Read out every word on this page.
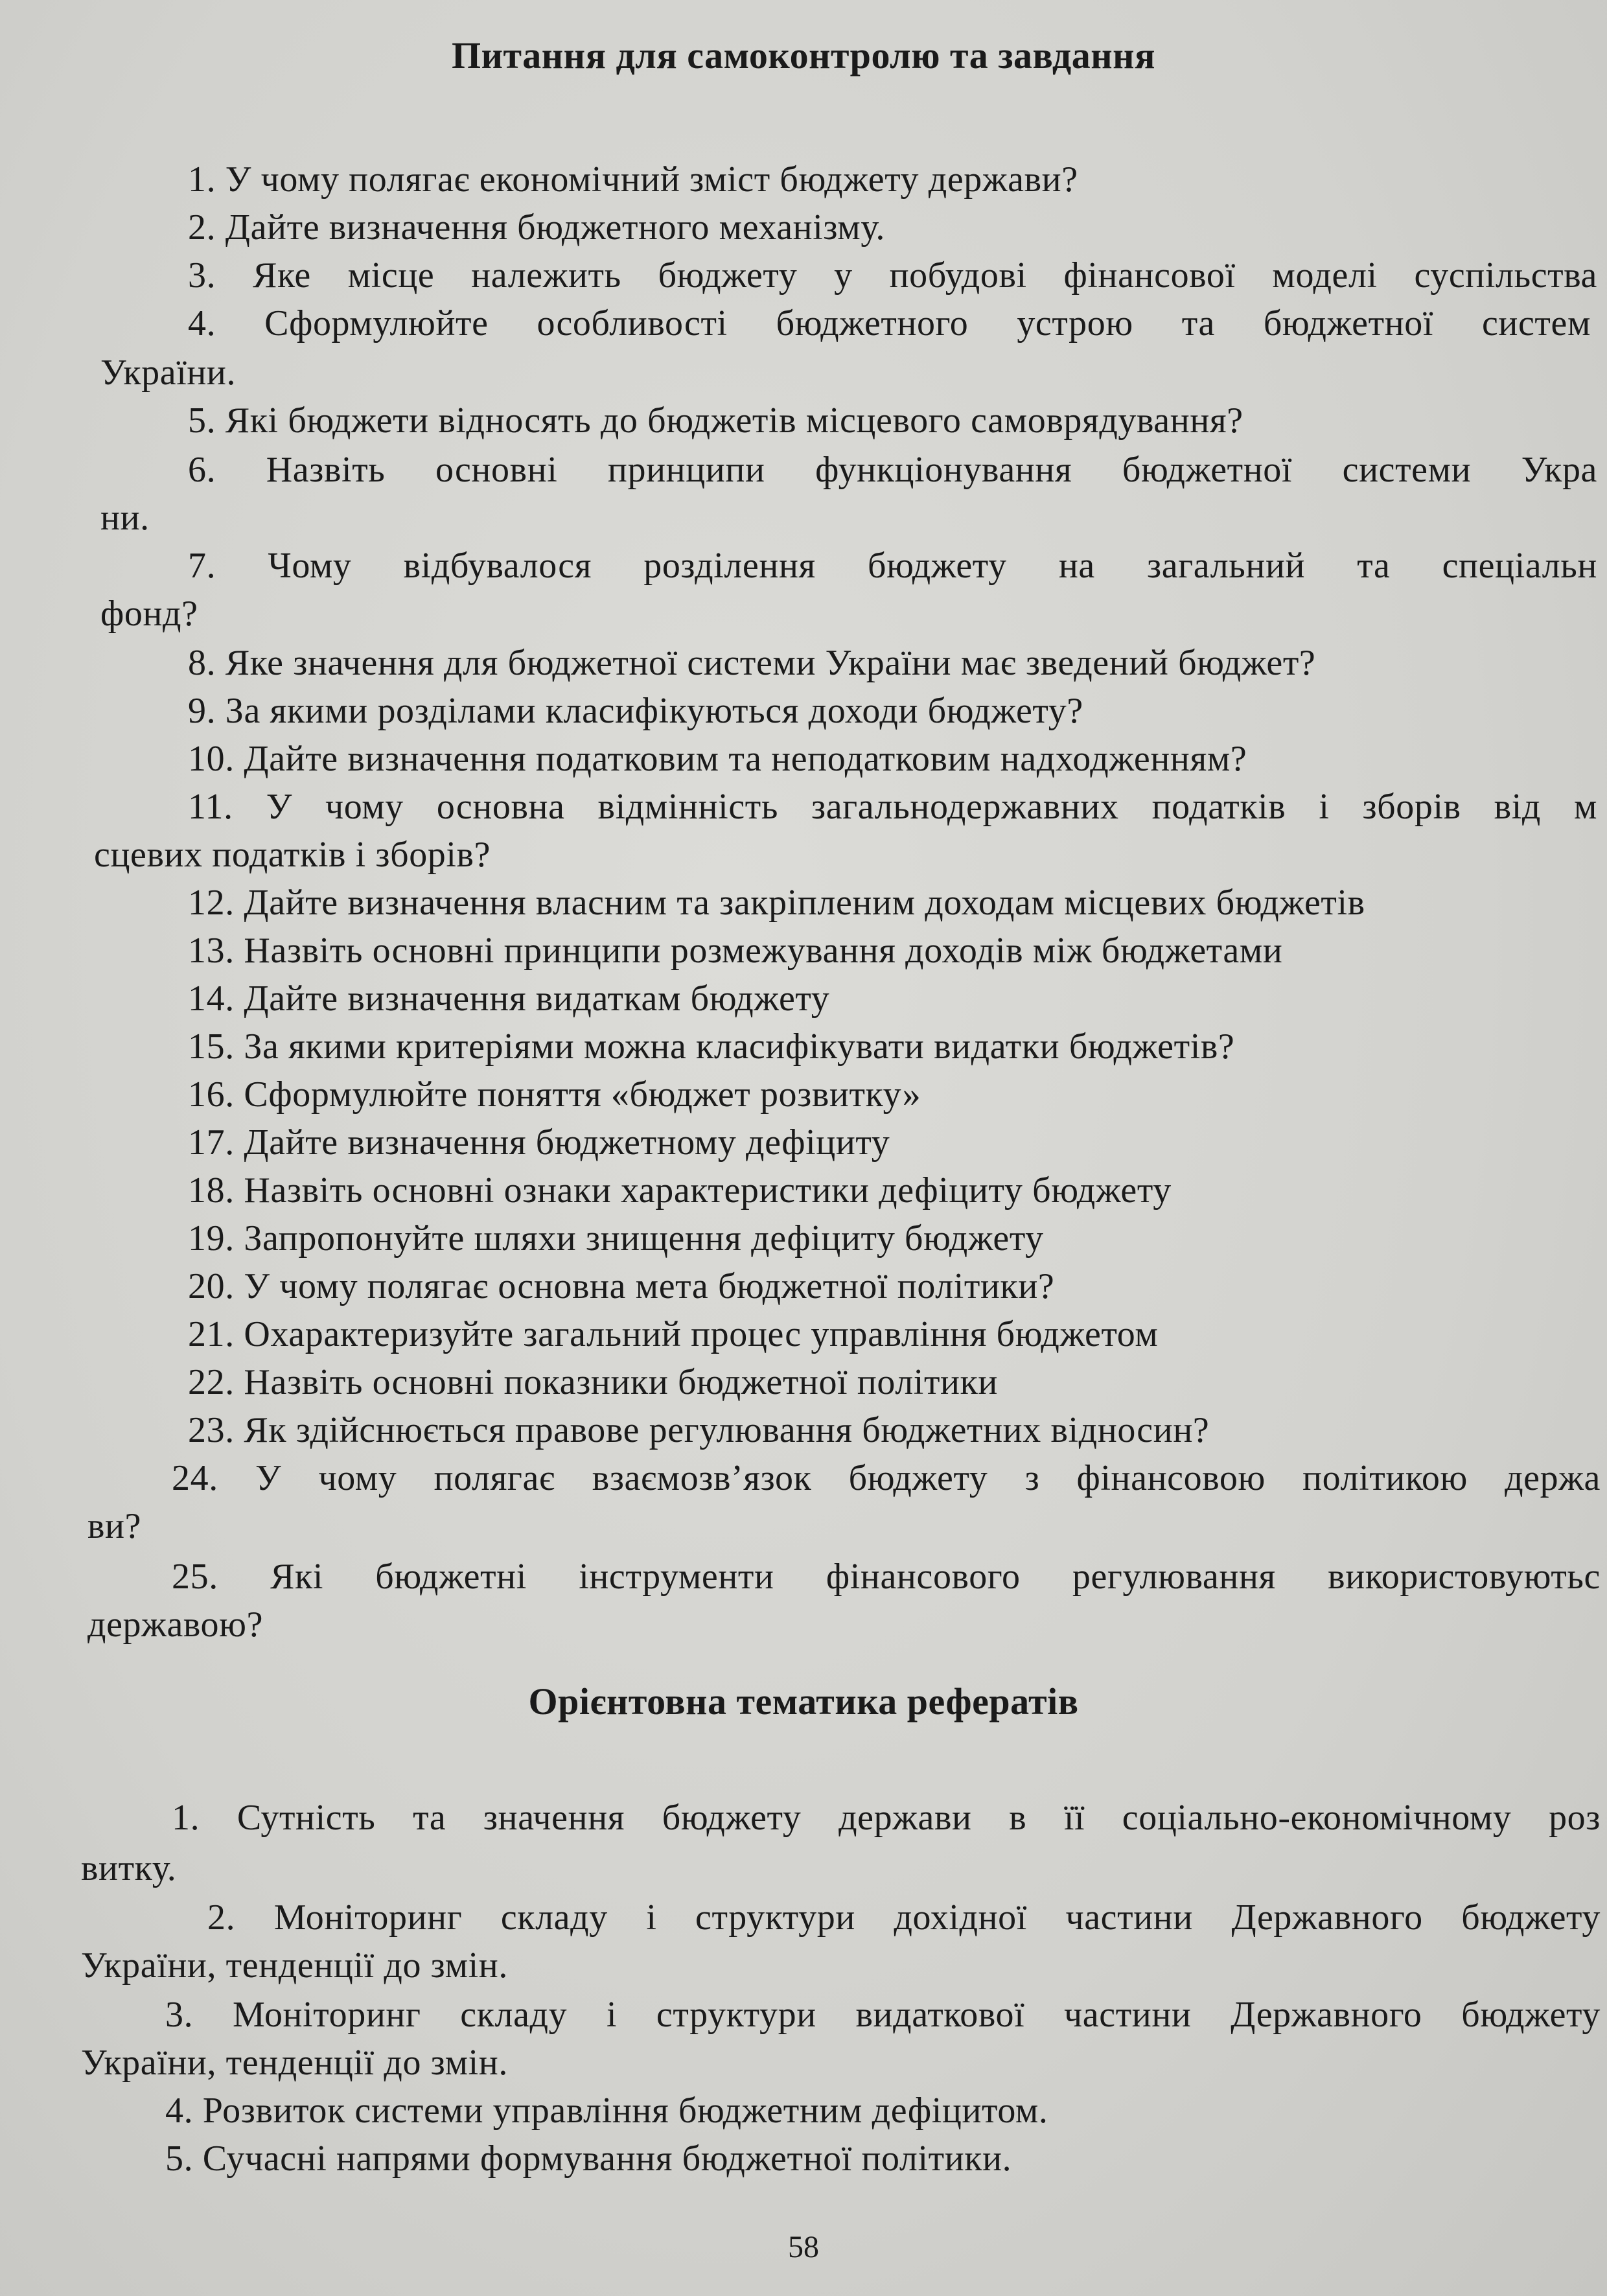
Питання для самоконтролю та завдання
1. У чому полягає економічний зміст бюджету держави?
2. Дайте визначення бюджетного механізму.
3. Яке місце належить бюджету у побудові фінансової моделі суспільства
4. Сформулюйте особливості бюджетного устрою та бюджетної систем
України.
5. Які бюджети відносять до бюджетів місцевого самоврядування?
6. Назвіть основні принципи функціонування бюджетної системи Укра
ни.
7. Чому відбувалося розділення бюджету на загальний та спеціальн
фонд?
8. Яке значення для бюджетної системи України має зведений бюджет?
9. За якими розділами класифікуються доходи бюджету?
10. Дайте визначення податковим та неподатковим надходженням?
11. У чому основна відмінність загальнодержавних податків і зборів від м
сцевих податків і зборів?
12. Дайте визначення власним та закріпленим доходам місцевих бюджетів
13. Назвіть основні принципи розмежування доходів між бюджетами
14. Дайте визначення видаткам бюджету
15. За якими критеріями можна класифікувати видатки бюджетів?
16. Сформулюйте поняття «бюджет розвитку»
17. Дайте визначення бюджетному дефіциту
18. Назвіть основні ознаки характеристики дефіциту бюджету
19. Запропонуйте шляхи знищення дефіциту бюджету
20. У чому полягає основна мета бюджетної політики?
21. Охарактеризуйте загальний процес управління бюджетом
22. Назвіть основні показники бюджетної політики
23. Як здійснюється правове регулювання бюджетних відносин?
24. У чому полягає взаємозв’язок бюджету з фінансовою політикою держа
ви?
25. Які бюджетні інструменти фінансового регулювання використовуютьс
державою?
Орієнтовна тематика рефератів
1. Сутність та значення бюджету держави в її соціально-економічному роз
витку.
2. Моніторинг складу і структури дохідної частини Державного бюджету
України, тенденції до змін.
3. Моніторинг складу і структури видаткової частини Державного бюджету
України, тенденції до змін.
4. Розвиток системи управління бюджетним дефіцитом.
5. Сучасні напрями формування бюджетної політики.
58
